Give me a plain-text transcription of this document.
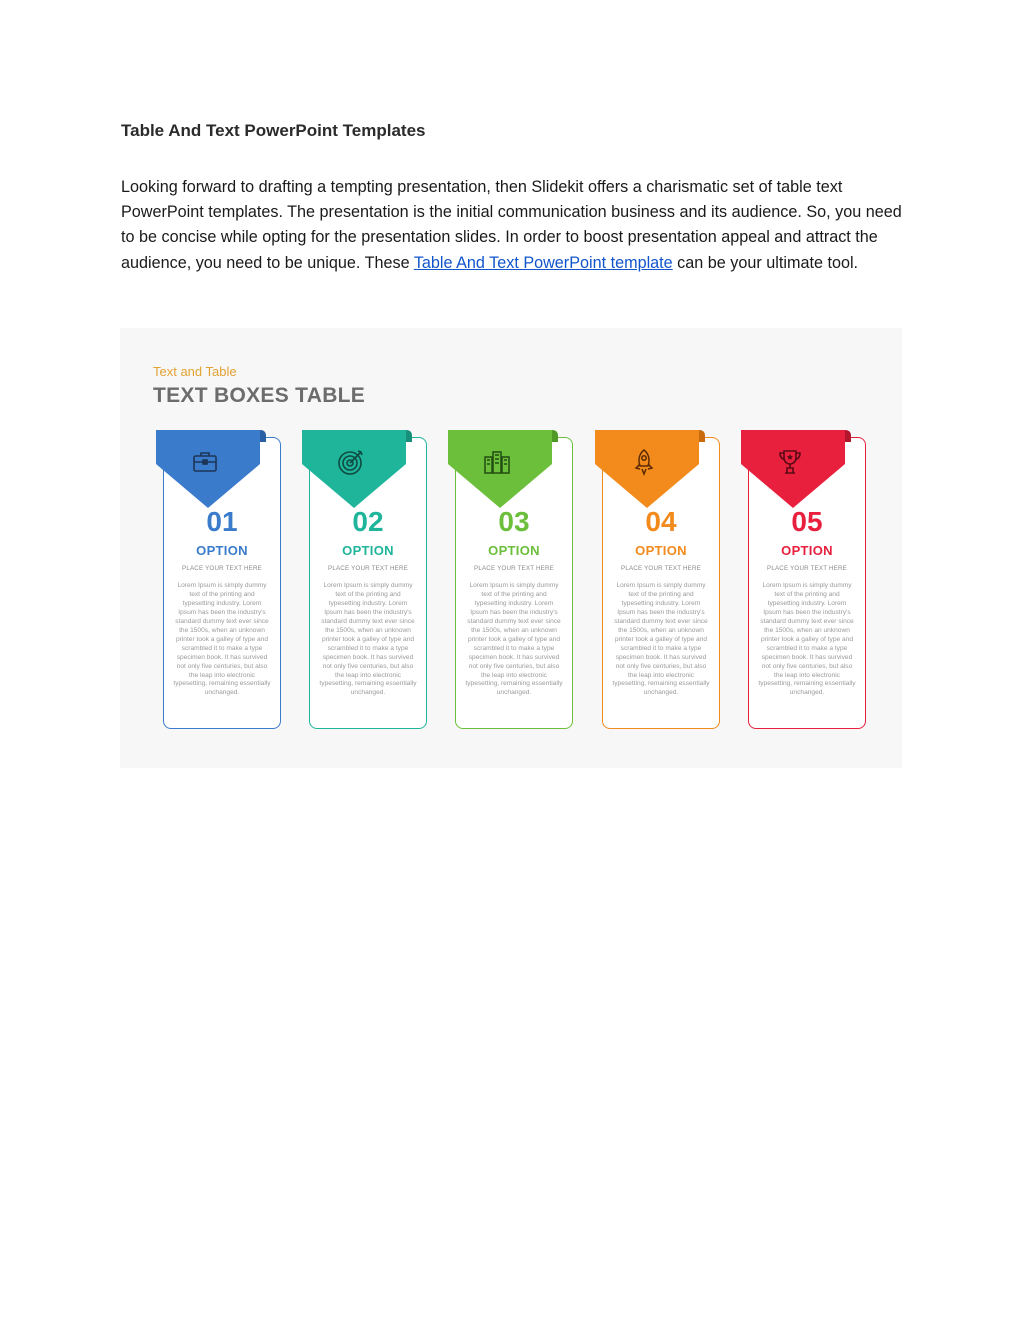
Table And Text PowerPoint Templates

Looking forward to drafting a tempting presentation, then Slidekit offers a charismatic set of table text PowerPoint templates. The presentation is the initial communication business and its audience. So, you need to be concise while opting for the presentation slides. In order to boost presentation appeal and attract the audience, you need to be unique. These Table And Text PowerPoint template can be your ultimate tool.

Text and Table
TEXT BOXES TABLE
01
OPTION
PLACE YOUR TEXT HERE
Lorem Ipsum is simply dummy text of the printing and typesetting industry. Lorem Ipsum has been the industry's standard dummy text ever since the 1500s, when an unknown printer took a galley of type and scrambled it to make a type specimen book. It has survived not only five centuries, but also the leap into electronic typesetting, remaining essentially unchanged.
02
OPTION
PLACE YOUR TEXT HERE
Lorem Ipsum is simply dummy text of the printing and typesetting industry. Lorem Ipsum has been the industry's standard dummy text ever since the 1500s, when an unknown printer took a galley of type and scrambled it to make a type specimen book. It has survived not only five centuries, but also the leap into electronic typesetting, remaining essentially unchanged.
03
OPTION
PLACE YOUR TEXT HERE
Lorem Ipsum is simply dummy text of the printing and typesetting industry. Lorem Ipsum has been the industry's standard dummy text ever since the 1500s, when an unknown printer took a galley of type and scrambled it to make a type specimen book. It has survived not only five centuries, but also the leap into electronic typesetting, remaining essentially unchanged.
04
OPTION
PLACE YOUR TEXT HERE
Lorem Ipsum is simply dummy text of the printing and typesetting industry. Lorem Ipsum has been the industry's standard dummy text ever since the 1500s, when an unknown printer took a galley of type and scrambled it to make a type specimen book. It has survived not only five centuries, but also the leap into electronic typesetting, remaining essentially unchanged.
05
OPTION
PLACE YOUR TEXT HERE
Lorem Ipsum is simply dummy text of the printing and typesetting industry. Lorem Ipsum has been the industry's standard dummy text ever since the 1500s, when an unknown printer took a galley of type and scrambled it to make a type specimen book. It has survived not only five centuries, but also the leap into electronic typesetting, remaining essentially unchanged.
